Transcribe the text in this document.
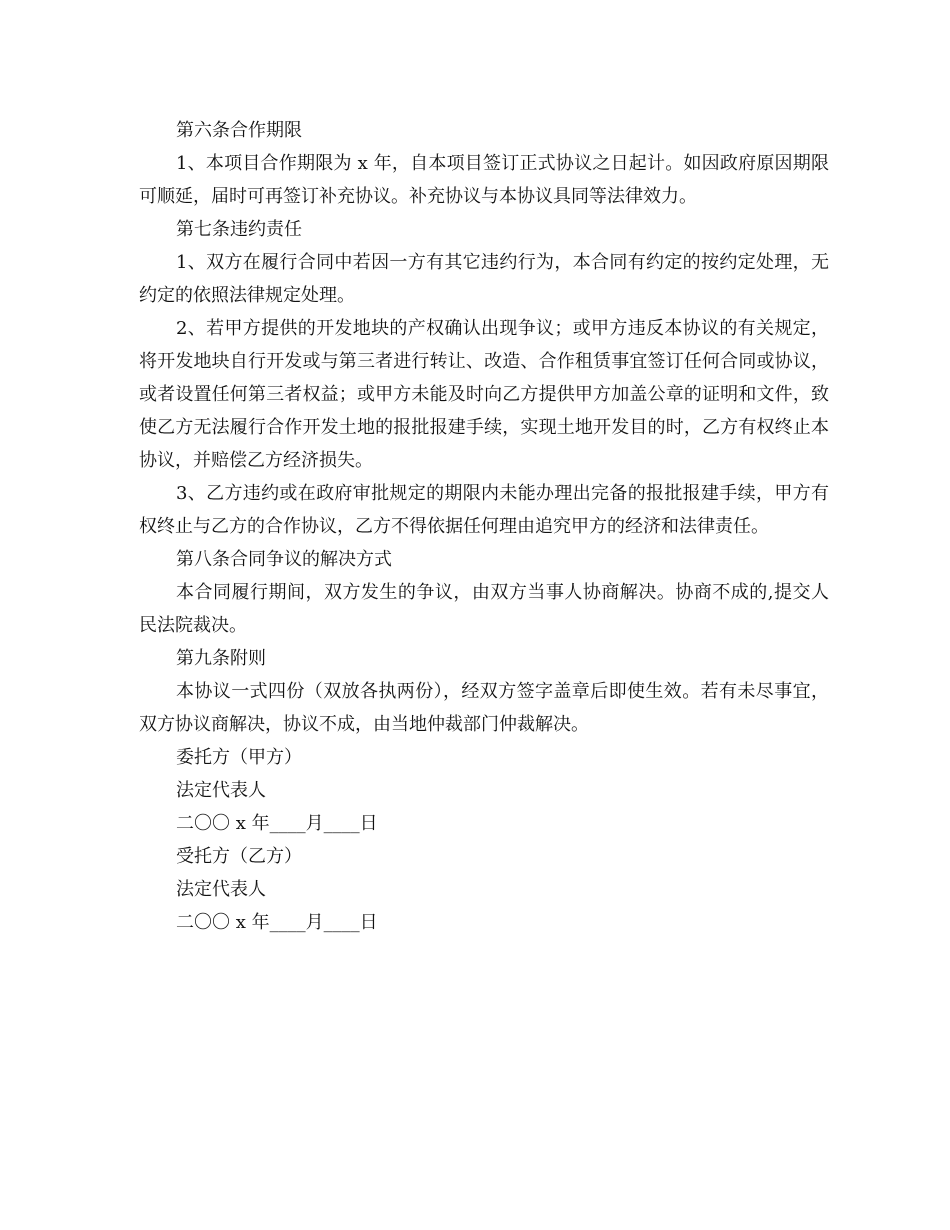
第六条合作期限

1、本项目合作期限为 x 年，自本项目签订正式协议之日起计。如因政府原因期限可顺延，届时可再签订补充协议。补充协议与本协议具同等法律效力。

第七条违约责任

1、双方在履行合同中若因一方有其它违约行为，本合同有约定的按约定处理，无约定的依照法律规定处理。

2、若甲方提供的开发地块的产权确认出现争议；或甲方违反本协议的有关规定，将开发地块自行开发或与第三者进行转让、改造、合作租赁事宜签订任何合同或协议，或者设置任何第三者权益；或甲方未能及时向乙方提供甲方加盖公章的证明和文件，致使乙方无法履行合作开发土地的报批报建手续，实现土地开发目的时，乙方有权终止本协议，并赔偿乙方经济损失。

3、乙方违约或在政府审批规定的期限内未能办理出完备的报批报建手续，甲方有权终止与乙方的合作协议，乙方不得依据任何理由追究甲方的经济和法律责任。

第八条合同争议的解决方式

本合同履行期间，双方发生的争议，由双方当事人协商解决。协商不成的,提交人民法院裁决。

第九条附则

本协议一式四份（双放各执两份），经双方签字盖章后即使生效。若有未尽事宜，双方协议商解决，协议不成，由当地仲裁部门仲裁解决。

委托方（甲方）

法定代表人

二〇〇 x 年____月____日

受托方（乙方）

法定代表人

二〇〇 x 年____月____日
